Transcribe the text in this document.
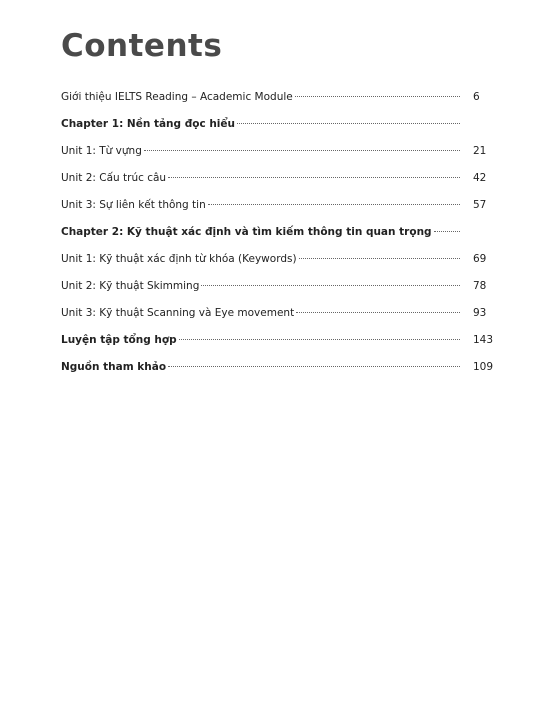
Contents
Giới thiệu IELTS Reading – Academic Module	6
Chapter 1: Nền tảng đọc hiểu
Unit 1: Từ vựng	21
Unit 2: Cấu trúc câu	42
Unit 3: Sự liên kết thông tin	57
Chapter 2: Kỹ thuật xác định và tìm kiếm thông tin quan trọng
Unit 1: Kỹ thuật xác định từ khóa (Keywords)	69
Unit 2: Kỹ thuật Skimming	78
Unit 3: Kỹ thuật Scanning và Eye movement	93
Luyện tập tổng hợp	143
Nguồn tham khảo	109
